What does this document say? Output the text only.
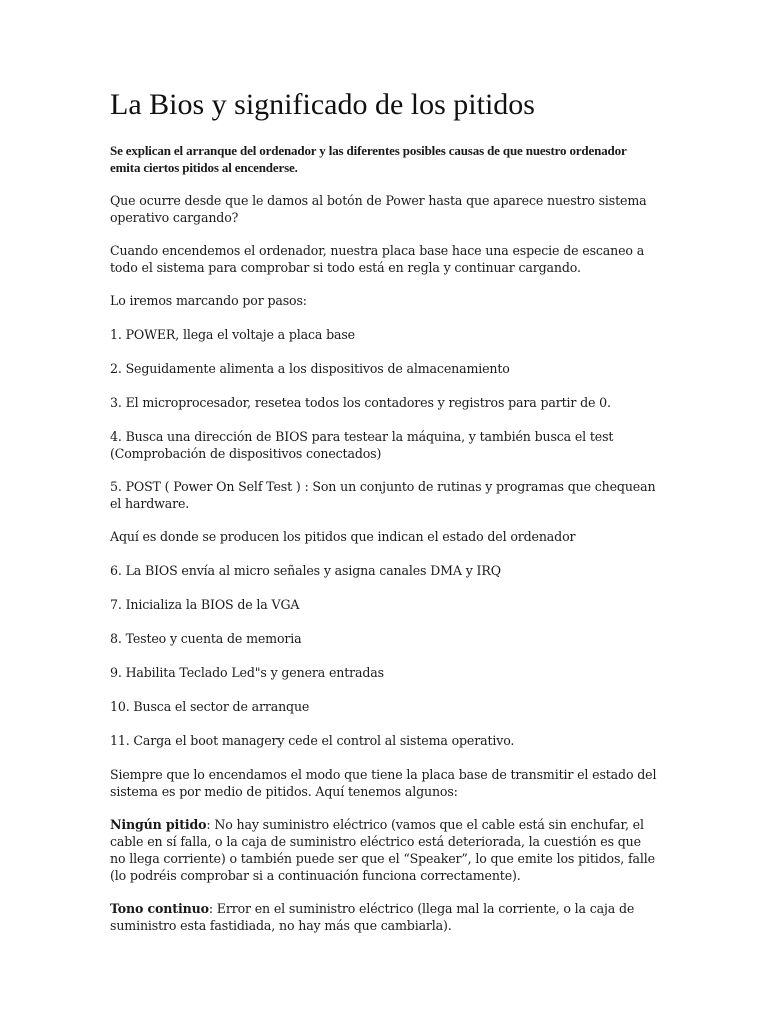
La Bios y significado de los pitidos

Se explican el arranque del ordenador y las diferentes posibles causas de que nuestro ordenador emita ciertos pitidos al encenderse.

Que ocurre desde que le damos al botón de Power hasta que aparece nuestro sistema operativo cargando?

Cuando encendemos el ordenador, nuestra placa base hace una especie de escaneo a todo el sistema para comprobar si todo está en regla y continuar cargando.

Lo iremos marcando por pasos:

1. POWER, llega el voltaje a placa base

2. Seguidamente alimenta a los dispositivos de almacenamiento

3. El microprocesador, resetea todos los contadores y registros para partir de 0.

4. Busca una dirección de BIOS para testear la máquina, y también busca el test (Comprobación de dispositivos conectados)

5. POST ( Power On Self Test ) : Son un conjunto de rutinas y programas que chequean el hardware.

Aquí es donde se producen los pitidos que indican el estado del ordenador

6. La BIOS envía al micro señales y asigna canales DMA y IRQ

7. Inicializa la BIOS de la VGA

8. Testeo y cuenta de memoria

9. Habilita Teclado Led"s y genera entradas

10. Busca el sector de arranque

11. Carga el boot managery cede el control al sistema operativo.

Siempre que lo encendamos el modo que tiene la placa base de transmitir el estado del sistema es por medio de pitidos. Aquí tenemos algunos:

Ningún pitido: No hay suministro eléctrico (vamos que el cable está sin enchufar, el cable en sí falla, o la caja de suministro eléctrico está deteriorada, la cuestión es que no llega corriente) o también puede ser que el “Speaker”, lo que emite los pitidos, falle (lo podréis comprobar si a continuación funciona correctamente).

Tono continuo: Error en el suministro eléctrico (llega mal la corriente, o la caja de suministro esta fastidiada, no hay más que cambiarla).
